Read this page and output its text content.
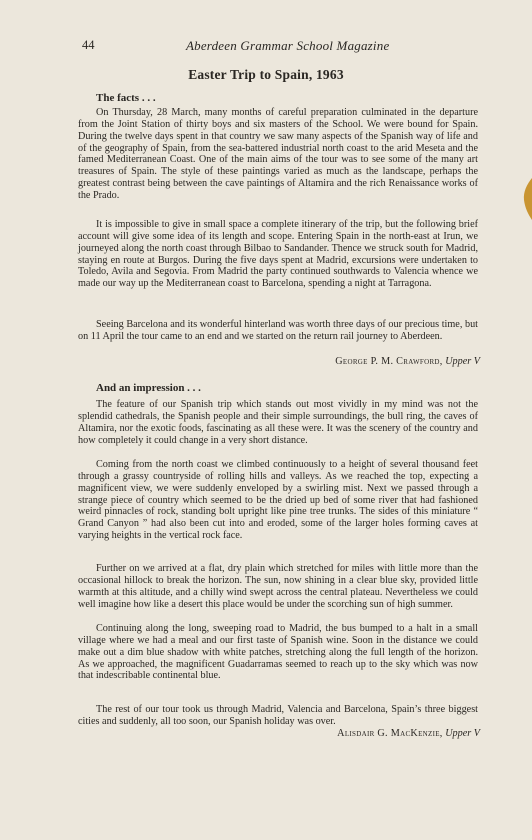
44	Aberdeen Grammar School Magazine
Easter Trip to Spain, 1963
The facts . . .

On Thursday, 28 March, many months of careful preparation culminated in the departure from the Joint Station of thirty boys and six masters of the School. We were bound for Spain. During the twelve days spent in that country we saw many aspects of the Spanish way of life and of the geography of Spain, from the sea-battered industrial north coast to the arid Meseta and the famed Mediterranean Coast. One of the main aims of the tour was to see some of the many art treasures of Spain. The style of these paintings varied as much as the landscape, perhaps the greatest contrast being between the cave paintings of Altamira and the rich Renaissance works of the Prado.

It is impossible to give in small space a complete itinerary of the trip, but the following brief account will give some idea of its length and scope. Entering Spain in the north-east at Irun, we journeyed along the north coast through Bilbao to Sandander. Thence we struck south for Madrid, staying en route at Burgos. During the five days spent at Madrid, excursions were undertaken to Toledo, Avila and Segovia. From Madrid the party continued southwards to Valencia whence we made our way up the Mediterranean coast to Barcelona, spending a night at Tarragona.

Seeing Barcelona and its wonderful hinterland was worth three days of our precious time, but on 11 April the tour came to an end and we started on the return rail journey to Aberdeen.

George P. M. Crawford, Upper V
And an impression . . .

The feature of our Spanish trip which stands out most vividly in my mind was not the splendid cathedrals, the Spanish people and their simple surroundings, the bull ring, the caves of Altamira, nor the exotic foods, fascinating as all these were. It was the scenery of the country and how completely it could change in a very short distance.

Coming from the north coast we climbed continuously to a height of several thousand feet through a grassy countryside of rolling hills and valleys. As we reached the top, expecting a magnificent view, we were suddenly enveloped by a swirling mist. Next we passed through a strange piece of country which seemed to be the dried up bed of some river that had fashioned weird pinnacles of rock, standing bolt upright like pine tree trunks. The sides of this miniature “ Grand Canyon ” had also been cut into and eroded, some of the larger holes forming caves at varying heights in the vertical rock face.

Further on we arrived at a flat, dry plain which stretched for miles with little more than the occasional hillock to break the horizon. The sun, now shining in a clear blue sky, provided little warmth at this altitude, and a chilly wind swept across the central plateau. Nevertheless we could well imagine how like a desert this place would be under the scorching sun of high summer.

Continuing along the long, sweeping road to Madrid, the bus bumped to a halt in a small village where we had a meal and our first taste of Spanish wine. Soon in the distance we could make out a dim blue shadow with white patches, stretching along the full length of the horizon. As we approached, the magnificent Guadarramas seemed to reach up to the sky which was now that indescribable continental blue.

The rest of our tour took us through Madrid, Valencia and Barcelona, Spain’s three biggest cities and suddenly, all too soon, our Spanish holiday was over.

Alisdair G. MacKenzie, Upper V
